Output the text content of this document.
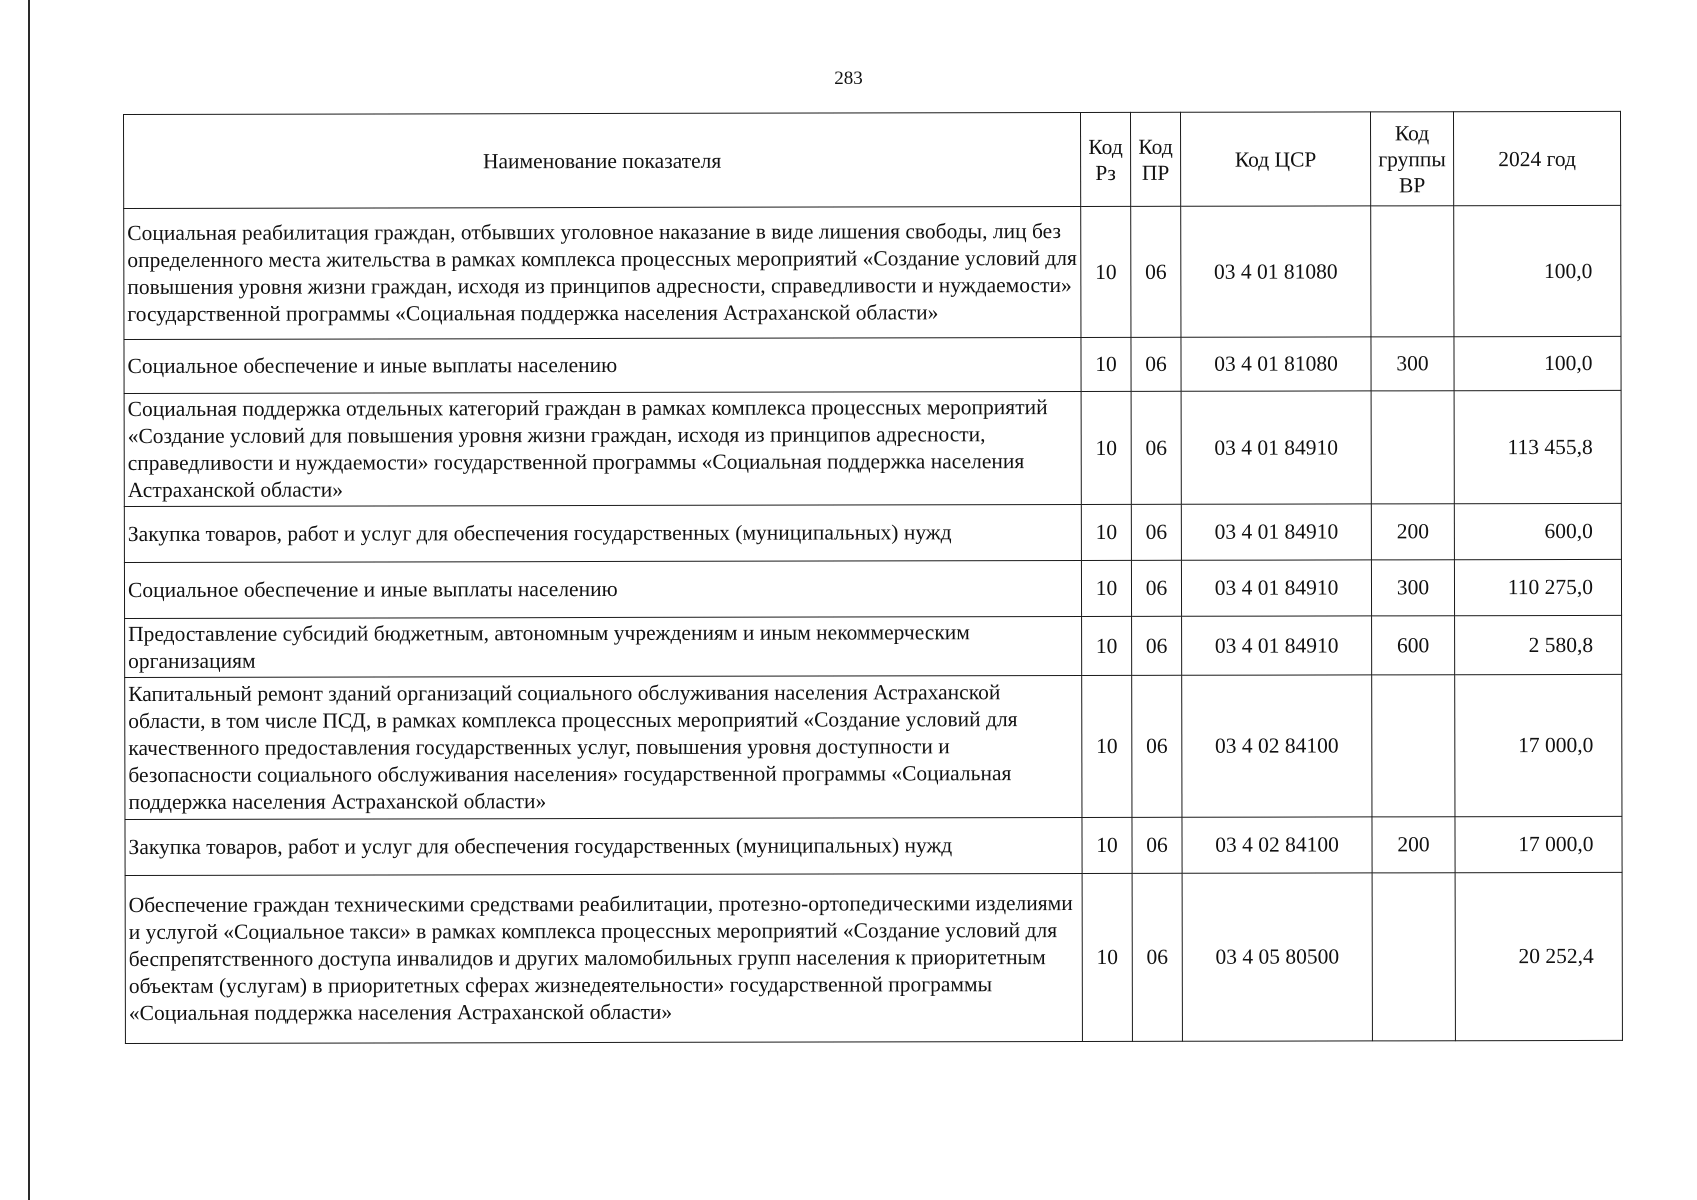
283
Наименование показателя	Код Рз	Код ПР	Код ЦСР	Код группы ВР	2024 год
Социальная реабилитация граждан, отбывших уголовное наказание в виде лишения свободы, лиц без определенного места жительства в рамках комплекса процессных мероприятий «Создание условий для повышения уровня жизни граждан, исходя из принципов адресности, справедливости и нуждаемости» государственной программы «Социальная поддержка населения Астраханской области»	10	06	03 4 01 81080		100,0
Социальное обеспечение и иные выплаты населению	10	06	03 4 01 81080	300	100,0
Социальная поддержка отдельных категорий граждан в рамках комплекса процессных мероприятий «Создание условий для повышения уровня жизни граждан, исходя из принципов адресности, справедливости и нуждаемости» государственной программы «Социальная поддержка населения Астраханской области»	10	06	03 4 01 84910		113 455,8
Закупка товаров, работ и услуг для обеспечения государственных (муниципальных) нужд	10	06	03 4 01 84910	200	600,0
Социальное обеспечение и иные выплаты населению	10	06	03 4 01 84910	300	110 275,0
Предоставление субсидий бюджетным, автономным учреждениям и иным некоммерческим организациям	10	06	03 4 01 84910	600	2 580,8
Капитальный ремонт зданий организаций социального обслуживания населения Астраханской области, в том числе ПСД, в рамках комплекса процессных мероприятий «Создание условий для качественного предоставления государственных услуг, повышения уровня доступности и безопасности социального обслуживания населения» государственной программы «Социальная поддержка населения Астраханской области»	10	06	03 4 02 84100		17 000,0
Закупка товаров, работ и услуг для обеспечения государственных (муниципальных) нужд	10	06	03 4 02 84100	200	17 000,0
Обеспечение граждан техническими средствами реабилитации, протезно-ортопедическими изделиями и услугой «Социальное такси» в рамках комплекса процессных мероприятий «Создание условий для беспрепятственного доступа инвалидов и других маломобильных групп населения к приоритетным объектам (услугам) в приоритетных сферах жизнедеятельности» государственной программы «Социальная поддержка населения Астраханской области»	10	06	03 4 05 80500		20 252,4
